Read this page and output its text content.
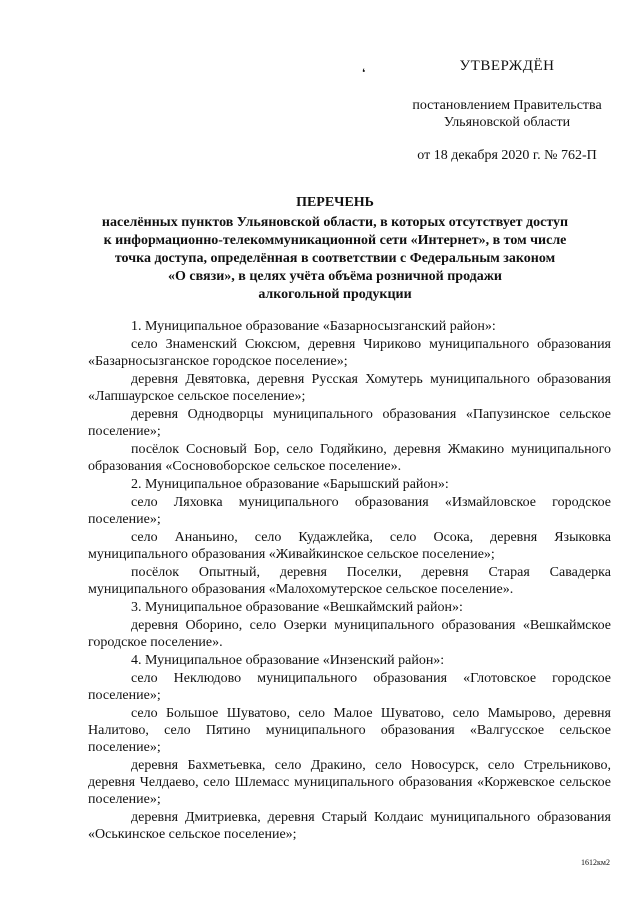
❛	УТВЕРЖДЁН
постановлением Правительства
Ульяновской области
от 18 декабря 2020 г. № 762-П
ПЕРЕЧЕНЬ
населённых пунктов Ульяновской области, в которых отсутствует доступ
к информационно-телекоммуникационной сети «Интернет», в том числе
точка доступа, определённая в соответствии с Федеральным законом
«О связи», в целях учёта объёма розничной продажи
алкогольной продукции

1. Муниципальное образование «Базарносызганский район»:

село Знаменский Сюксюм, деревня Чириково муниципального образования «Базарносызганское городское поселение»;

деревня Девятовка, деревня Русская Хомутерь муниципального образования «Лапшаурское сельское поселение»;

деревня Однодворцы муниципального образования «Папузинское сельское поселение»;

посёлок Сосновый Бор, село Годяйкино, деревня Жмакино муниципального образования «Сосновоборское сельское поселение».

2. Муниципальное образование «Барышский район»:

село Ляховка муниципального образования «Измайловское городское поселение»;

село Ананьино, село Кудажлейка, село Осока, деревня Языковка муниципального образования «Живайкинское сельское поселение»;

посёлок Опытный, деревня Поселки, деревня Старая Савадерка муниципального образования «Малохомутерское сельское поселение».

3. Муниципальное образование «Вешкаймский район»:

деревня Оборино, село Озерки муниципального образования «Вешкаймское городское поселение».

4. Муниципальное образование «Инзенский район»:

село Неклюдово муниципального образования «Глотовское городское поселение»;

село Большое Шуватово, село Малое Шуватово, село Мамырово, деревня Налитово, село Пятино муниципального образования «Валгусское сельское поселение»;

деревня Бахметьевка, село Дракино, село Новосурск, село Стрельниково, деревня Челдаево, село Шлемасс муниципального образования «Коржевское сельское поселение»;

деревня Дмитриевка, деревня Старый Колдаис муниципального образования «Оськинское сельское поселение»;

1612км2
